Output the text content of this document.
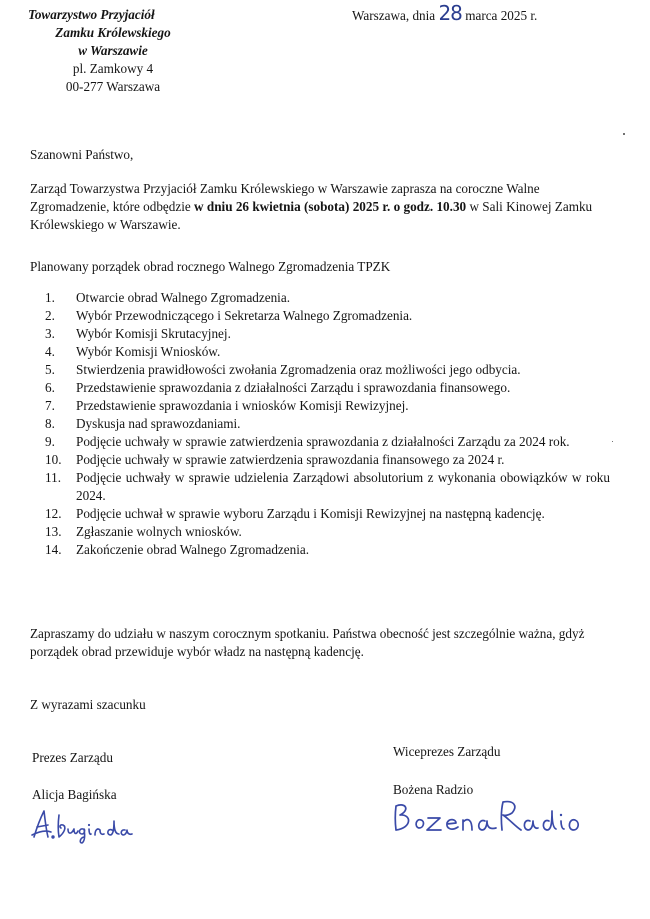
Towarzystwo Przyjaciół
Zamku Królewskiego
w Warszawie
pl. Zamkowy 4
00-277 Warszawa
Warszawa, dnia 28 marca 2025 r.
Szanowni Państwo,
Zarząd Towarzystwa Przyjaciół Zamku Królewskiego w Warszawie zaprasza na coroczne Walne Zgromadzenie, które odbędzie w dniu 26 kwietnia (sobota) 2025 r. o godz. 10.30 w Sali Kinowej Zamku Królewskiego w Warszawie.
Planowany porządek obrad rocznego Walnego Zgromadzenia TPZK
1.	Otwarcie obrad Walnego Zgromadzenia.
2.	Wybór Przewodniczącego i Sekretarza Walnego Zgromadzenia.
3.	Wybór Komisji Skrutacyjnej.
4.	Wybór Komisji Wniosków.
5.	Stwierdzenia prawidłowości zwołania Zgromadzenia oraz możliwości jego odbycia.
6.	Przedstawienie sprawozdania z działalności Zarządu i sprawozdania finansowego.
7.	Przedstawienie sprawozdania i wniosków Komisji Rewizyjnej.
8.	Dyskusja nad sprawozdaniami.
9.	Podjęcie uchwały w sprawie zatwierdzenia sprawozdania z działalności Zarządu za 2024 rok.
10.	Podjęcie uchwały w sprawie zatwierdzenia sprawozdania finansowego za 2024 r.
11.	Podjęcie uchwały w sprawie udzielenia Zarządowi absolutorium z wykonania obowiązków w roku 2024.
12.	Podjęcie uchwał w sprawie wyboru Zarządu i Komisji Rewizyjnej na następną kadencję.
13.	Zgłaszanie wolnych wniosków.
14.	Zakończenie obrad Walnego Zgromadzenia.
Zapraszamy do udziału w naszym corocznym spotkaniu. Państwa obecność jest szczególnie ważna, gdyż porządek obrad przewiduje wybór władz na następną kadencję.
Z wyrazami szacunku
Prezes Zarządu
Alicja Bagińska
Wiceprezes Zarządu
Bożena Radzio
